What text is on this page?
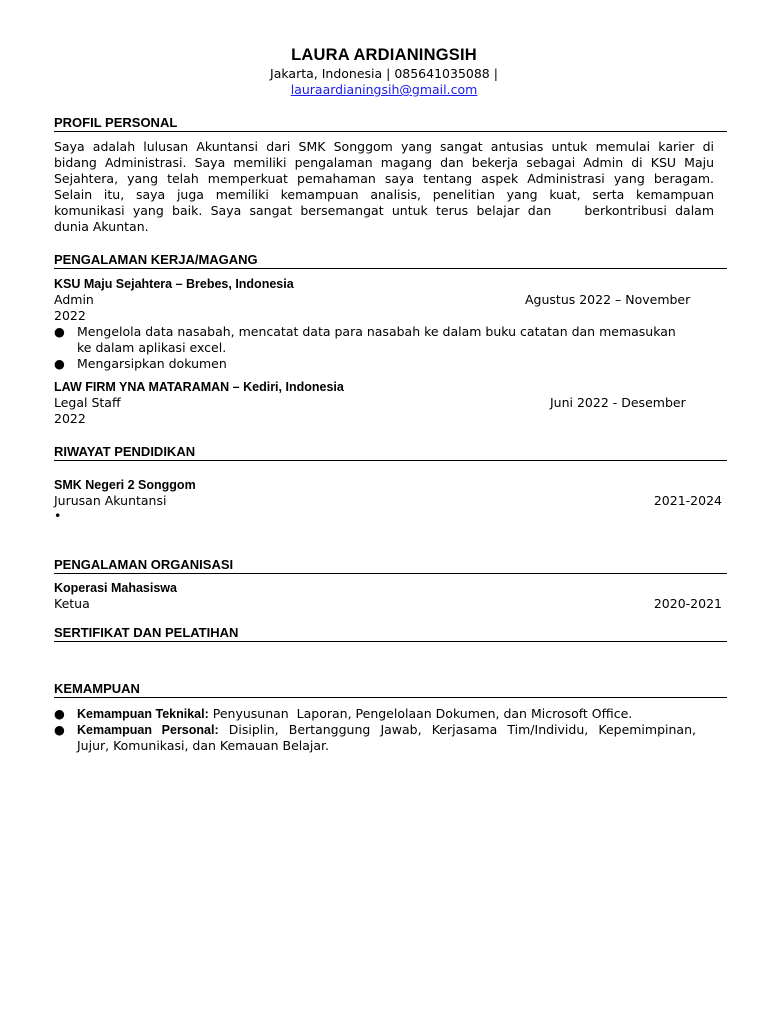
LAURA ARDIANINGSIH
Jakarta, Indonesia | 085641035088 |
lauraardianingsih@gmail.com
PROFIL PERSONAL
Saya adalah lulusan Akuntansi dari SMK Songgom yang sangat antusias untuk memulai karier di
bidang Administrasi. Saya memiliki pengalaman magang dan bekerja sebagai Admin di KSU Maju
Sejahtera, yang telah memperkuat pemahaman saya tentang aspek Administrasi yang beragam.
Selain itu, saya juga memiliki kemampuan analisis, penelitian yang kuat, serta kemampuan
komunikasi yang baik. Saya sangat bersemangat untuk terus belajar dan    berkontribusi dalam
dunia Akuntan.
PENGALAMAN KERJA/MAGANG
KSU Maju Sejahtera – Brebes, Indonesia
Admin	Agustus 2022 – November
2022
● Mengelola data nasabah, mencatat data para nasabah ke dalam buku catatan dan memasukan
ke dalam aplikasi excel.
● Mengarsipkan dokumen
LAW FIRM YNA MATARAMAN – Kediri, Indonesia
Legal Staff	Juni 2022 - Desember
2022
RIWAYAT PENDIDIKAN
SMK Negeri 2 Songgom
Jurusan Akuntansi	2021-2024
•
PENGALAMAN ORGANISASI
Koperasi Mahasiswa
Ketua	2020-2021
SERTIFIKAT DAN PELATIHAN
KEMAMPUAN
● Kemampuan Teknikal: Penyusunan  Laporan, Pengelolaan Dokumen, dan Microsoft Office.
● Kemampuan Personal: Disiplin, Bertanggung Jawab, Kerjasama Tim/Individu, Kepemimpinan,
Jujur, Komunikasi, dan Kemauan Belajar.
